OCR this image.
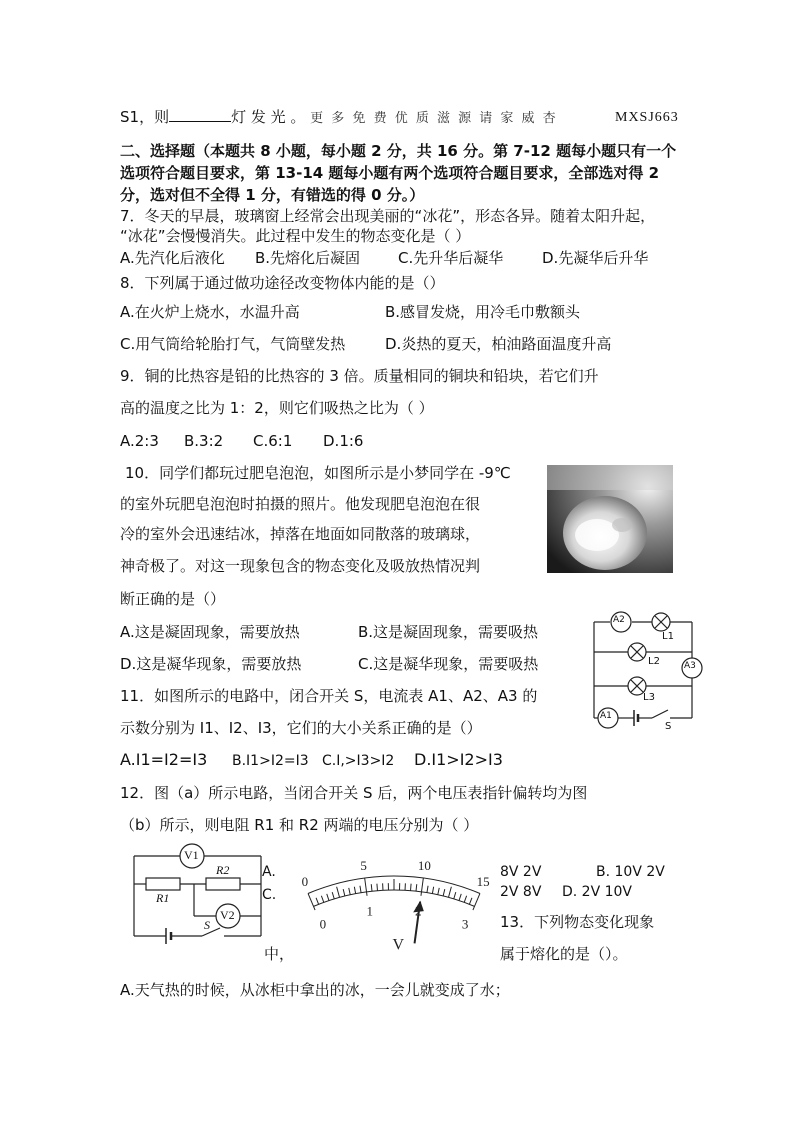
S1，则	灯 发 光 。 更 多 免 费 优 质 滋 源 请 家 威 杏	MXSJ663
二、选择题（本题共 8 小题，每小题 2 分，共 16 分。第 7-12 题每小题只有一个
选项符合题目要求，第 13-14 题每小题有两个选项符合题目要求，全部选对得 2
分，选对但不全得 1 分，有错选的得 0 分。）
7．冬天的早晨，玻璃窗上经常会出现美丽的“冰花”，形态各异。随着太阳升起，
“冰花”会慢慢消失。此过程中发生的物态变化是（ ）
A.先汽化后液化 B.先熔化后凝固	C.先升华后凝华	D.先凝华后升华
8．下列属于通过做功途径改变物体内能的是（）
A.在火炉上烧水，水温升高	B.感冒发烧，用冷毛巾敷额头
C.用气筒给轮胎打气，气筒壁发热	D.炎热的夏天，柏油路面温度升高
9．铜的比热容是铅的比热容的 3 倍。质量相同的铜块和铅块，若它们升
高的温度之比为 1：2，则它们吸热之比为（ ）
A.2:3 B.3:2 C.6:1 D.1:6
10．同学们都玩过肥皂泡泡，如图所示是小梦同学在 -9℃
的室外玩肥皂泡泡时拍摄的照片。他发现肥皂泡泡在很
冷的室外会迅速结冰，掉落在地面如同散落的玻璃球，
神奇极了。对这一现象包含的物态变化及吸放热情况判
断正确的是（）
A.这是凝固现象，需要放热	B.这是凝固现象，需要吸热
D.这是凝华现象，需要放热	C.这是凝华现象，需要吸热
A2
L1
L2	A3
L3
A1
S
11．如图所示的电路中，闭合开关 S，电流表 A1、A2、A3 的
示数分别为 I1、I2、I3，它们的大小关系正确的是（）
A.I1=I2=I3 B.I1>I2=I3 C.I,>I3>I2 D.I1>I2>I3
12．图（a）所示电路，当闭合开关 S 后，两个电压表指针偏转均为图
（b）所示，则电阻 R1 和 R2 两端的电压分别为（ ）
V1
R2
R1
V2
S
A.
C.
中，
0
5	10
15
0
1
3
V
8V 2V	B. 10V 2V
2V 8V D. 2V 10V
13．下列物态变化现象
属于熔化的是（）。
A.天气热的时候，从冰柜中拿出的冰，一会儿就变成了水；
